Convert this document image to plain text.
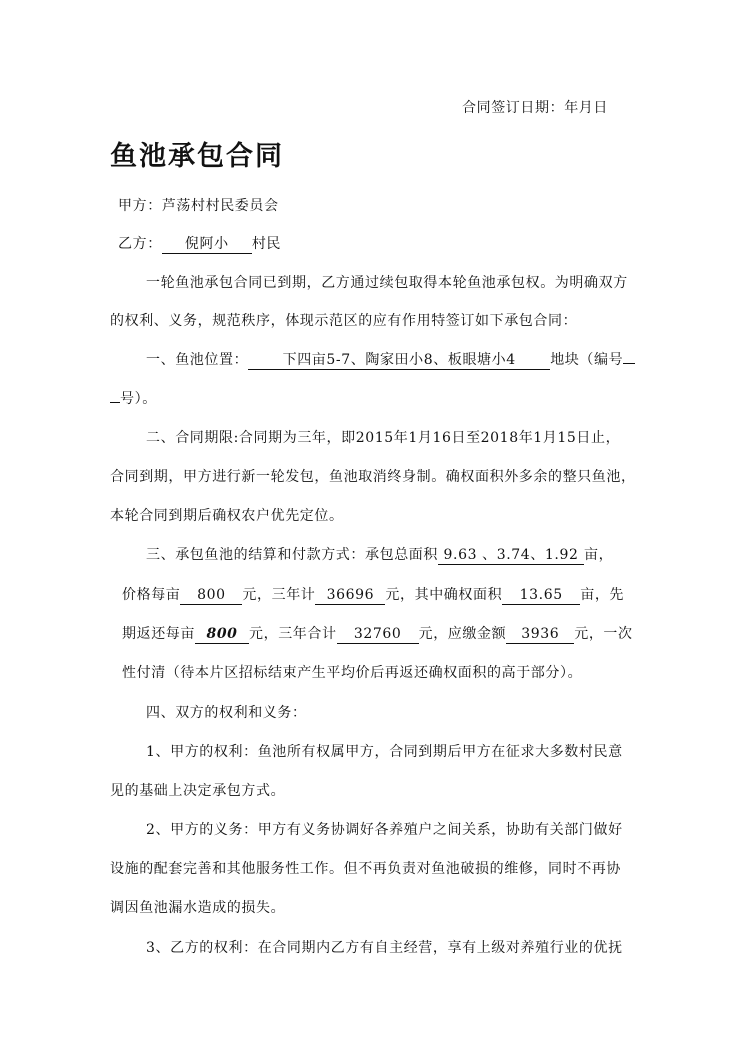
合同签订日期：年月日
鱼池承包合同
甲方：芦荡村村民委员会
乙方： 倪阿小 村民
一轮鱼池承包合同已到期，乙方通过续包取得本轮鱼池承包权。为明确双方
的权利、义务，规范秩序，体现示范区的应有作用特签订如下承包合同：
一、鱼池位置： 下四亩5-7、陶家田小8、板眼塘小4 地块（编号
号）。
二、合同期限:合同期为三年，即2015年1月16日至2018年1月15日止，
合同到期，甲方进行新一轮发包，鱼池取消终身制。确权面积外多余的整只鱼池，
本轮合同到期后确权农户优先定位。
三、承包鱼池的结算和付款方式：承包总面积 9.63 、3.74、1.92 亩，
价格每亩 800 元，三年计 36696 元，其中确权面积 13.65 亩，先
期返还每亩 800 元，三年合计 32760 元，应缴金额 3936 元，一次
性付清（待本片区招标结束产生平均价后再返还确权面积的高于部分）。
四、双方的权利和义务：
1、甲方的权利：鱼池所有权属甲方，合同到期后甲方在征求大多数村民意
见的基础上决定承包方式。
2、甲方的义务：甲方有义务协调好各养殖户之间关系，协助有关部门做好
设施的配套完善和其他服务性工作。但不再负责对鱼池破损的维修，同时不再协
调因鱼池漏水造成的损失。
3、乙方的权利：在合同期内乙方有自主经营，享有上级对养殖行业的优抚
